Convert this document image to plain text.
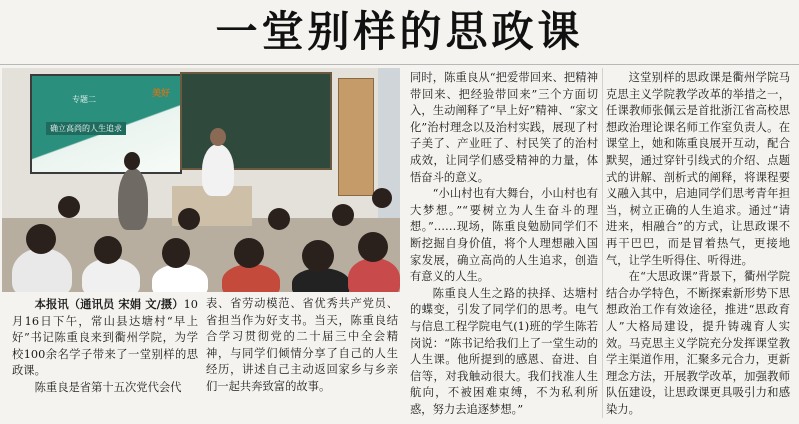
一堂别样的思政课
专题二
确立高尚的人生追求
美好

本报讯（通讯员 宋娟 文/摄）10月16日下午，常山县达塘村“早上好”书记陈重良来到衢州学院，为学校100余名学子带来了一堂别样的思政课。

陈重良是省第十五次党代会代

表、省劳动模范、省优秀共产党员、省担当作为好支书。当天，陈重良结合学习贯彻党的二十届三中全会精神，与同学们倾情分享了自己的人生经历，讲述自己主动返回家乡与乡亲们一起共奔致富的故事。

同时，陈重良从“把爱带回来、把精神带回来、把经验带回来”三个方面切入，生动阐释了“早上好”精神、“家文化”治村理念以及治村实践，展现了村子美了、产业旺了、村民笑了的治村成效，让同学们感受精神的力量，体悟奋斗的意义。

“小山村也有大舞台，小山村也有大梦想。”“要树立为人生奋斗的理想。”……现场，陈重良勉励同学们不断挖掘自身价值，将个人理想融入国家发展，确立高尚的人生追求，创造有意义的人生。

陈重良人生之路的抉择、达塘村的蝶变，引发了同学们的思考。电气与信息工程学院电气(1)班的学生陈若岗说：“陈书记给我们上了一堂生动的人生课。他所提到的感恩、奋进、自信等，对我触动很大。我们找准人生航向，不被困难束缚，不为私利所惑，努力去追逐梦想。”

这堂别样的思政课是衢州学院马克思主义学院教学改革的举措之一，任课教师张佩云是首批浙江省高校思想政治理论课名师工作室负责人。在课堂上，她和陈重良展开互动，配合默契，通过穿针引线式的介绍、点题式的讲解、剖析式的阐释，将课程要义融入其中，启迪同学们思考青年担当，树立正确的人生追求。通过“请进来，相融合”的方式，让思政课不再干巴巴，而是冒着热气，更接地气，让学生听得住、听得进。

在“大思政课”背景下，衢州学院结合办学特色，不断探索新形势下思想政治工作有效途径，推进“思政育人”大格局建设，提升铸魂育人实效。马克思主义学院充分发挥课堂教学主渠道作用，汇聚多元合力，更新理念方法，开展教学改革，加强教师队伍建设，让思政课更具吸引力和感染力。
